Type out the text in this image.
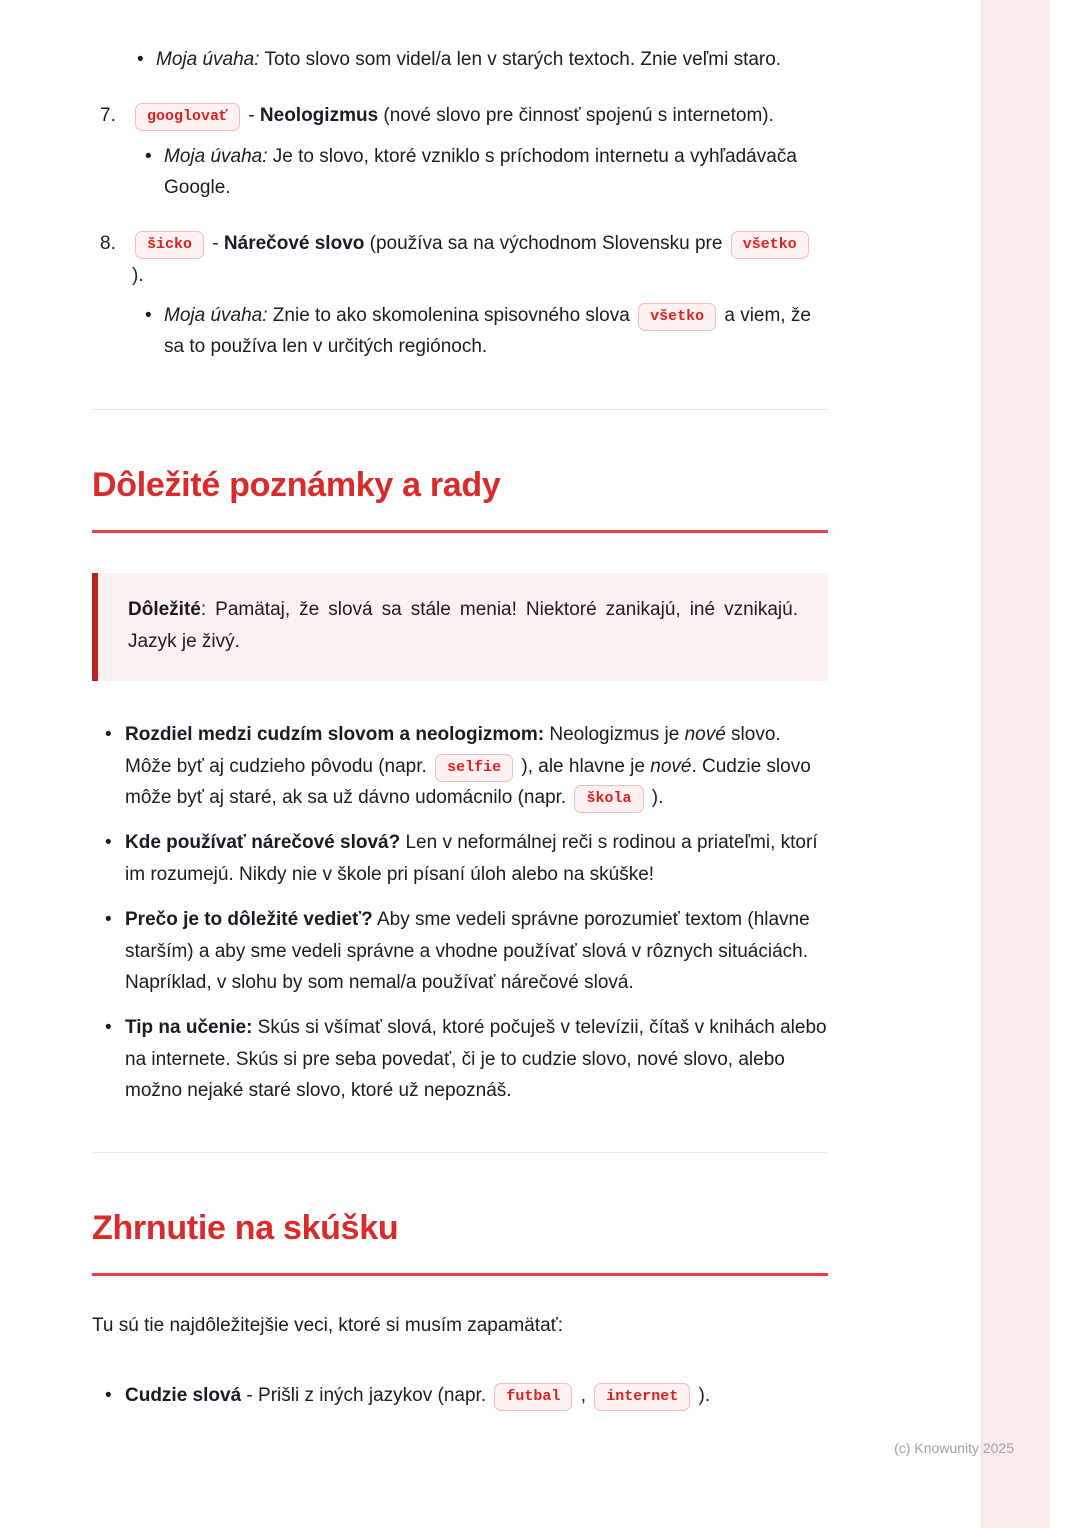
• Moja úvaha: Toto slovo som videl/a len v starých textoch. Znie veľmi staro.
7.	googlovať - Neologizmus (nové slovo pre činnosť spojenú s internetom).
• Moja úvaha: Je to slovo, ktoré vzniklo s príchodom internetu a vyhľadávača Google.
8.	šicko - Nárečové slovo (používa sa na východnom Slovensku pre všetko ).
• Moja úvaha: Znie to ako skomolenina spisovného slova všetko a viem, že sa to používa len v určitých regiónoch.
Dôležité poznámky a rady

Dôležité: Pamätaj, že slová sa stále menia! Niektoré zanikajú, iné vznikajú. Jazyk je živý.

• Rozdiel medzi cudzím slovom a neologizmom: Neologizmus je nové slovo. Môže byť aj cudzieho pôvodu (napr. selfie ), ale hlavne je nové. Cudzie slovo môže byť aj staré, ak sa už dávno udomácnilo (napr. škola ).
• Kde používať nárečové slová? Len v neformálnej reči s rodinou a priateľmi, ktorí im rozumejú. Nikdy nie v škole pri písaní úloh alebo na skúške!
• Prečo je to dôležité vedieť? Aby sme vedeli správne porozumieť textom (hlavne starším) a aby sme vedeli správne a vhodne používať slová v rôznych situáciách. Napríklad, v slohu by som nemal/a používať nárečové slová.
• Tip na učenie: Skús si všímať slová, ktoré počuješ v televízii, čítaš v knihách alebo na internete. Skús si pre seba povedať, či je to cudzie slovo, nové slovo, alebo možno nejaké staré slovo, ktoré už nepoznáš.
Zhrnutie na skúšku

Tu sú tie najdôležitejšie veci, ktoré si musím zapamätať:

• Cudzie slová - Prišli z iných jazykov (napr. futbal , internet ).
(c) Knowunity 2025
